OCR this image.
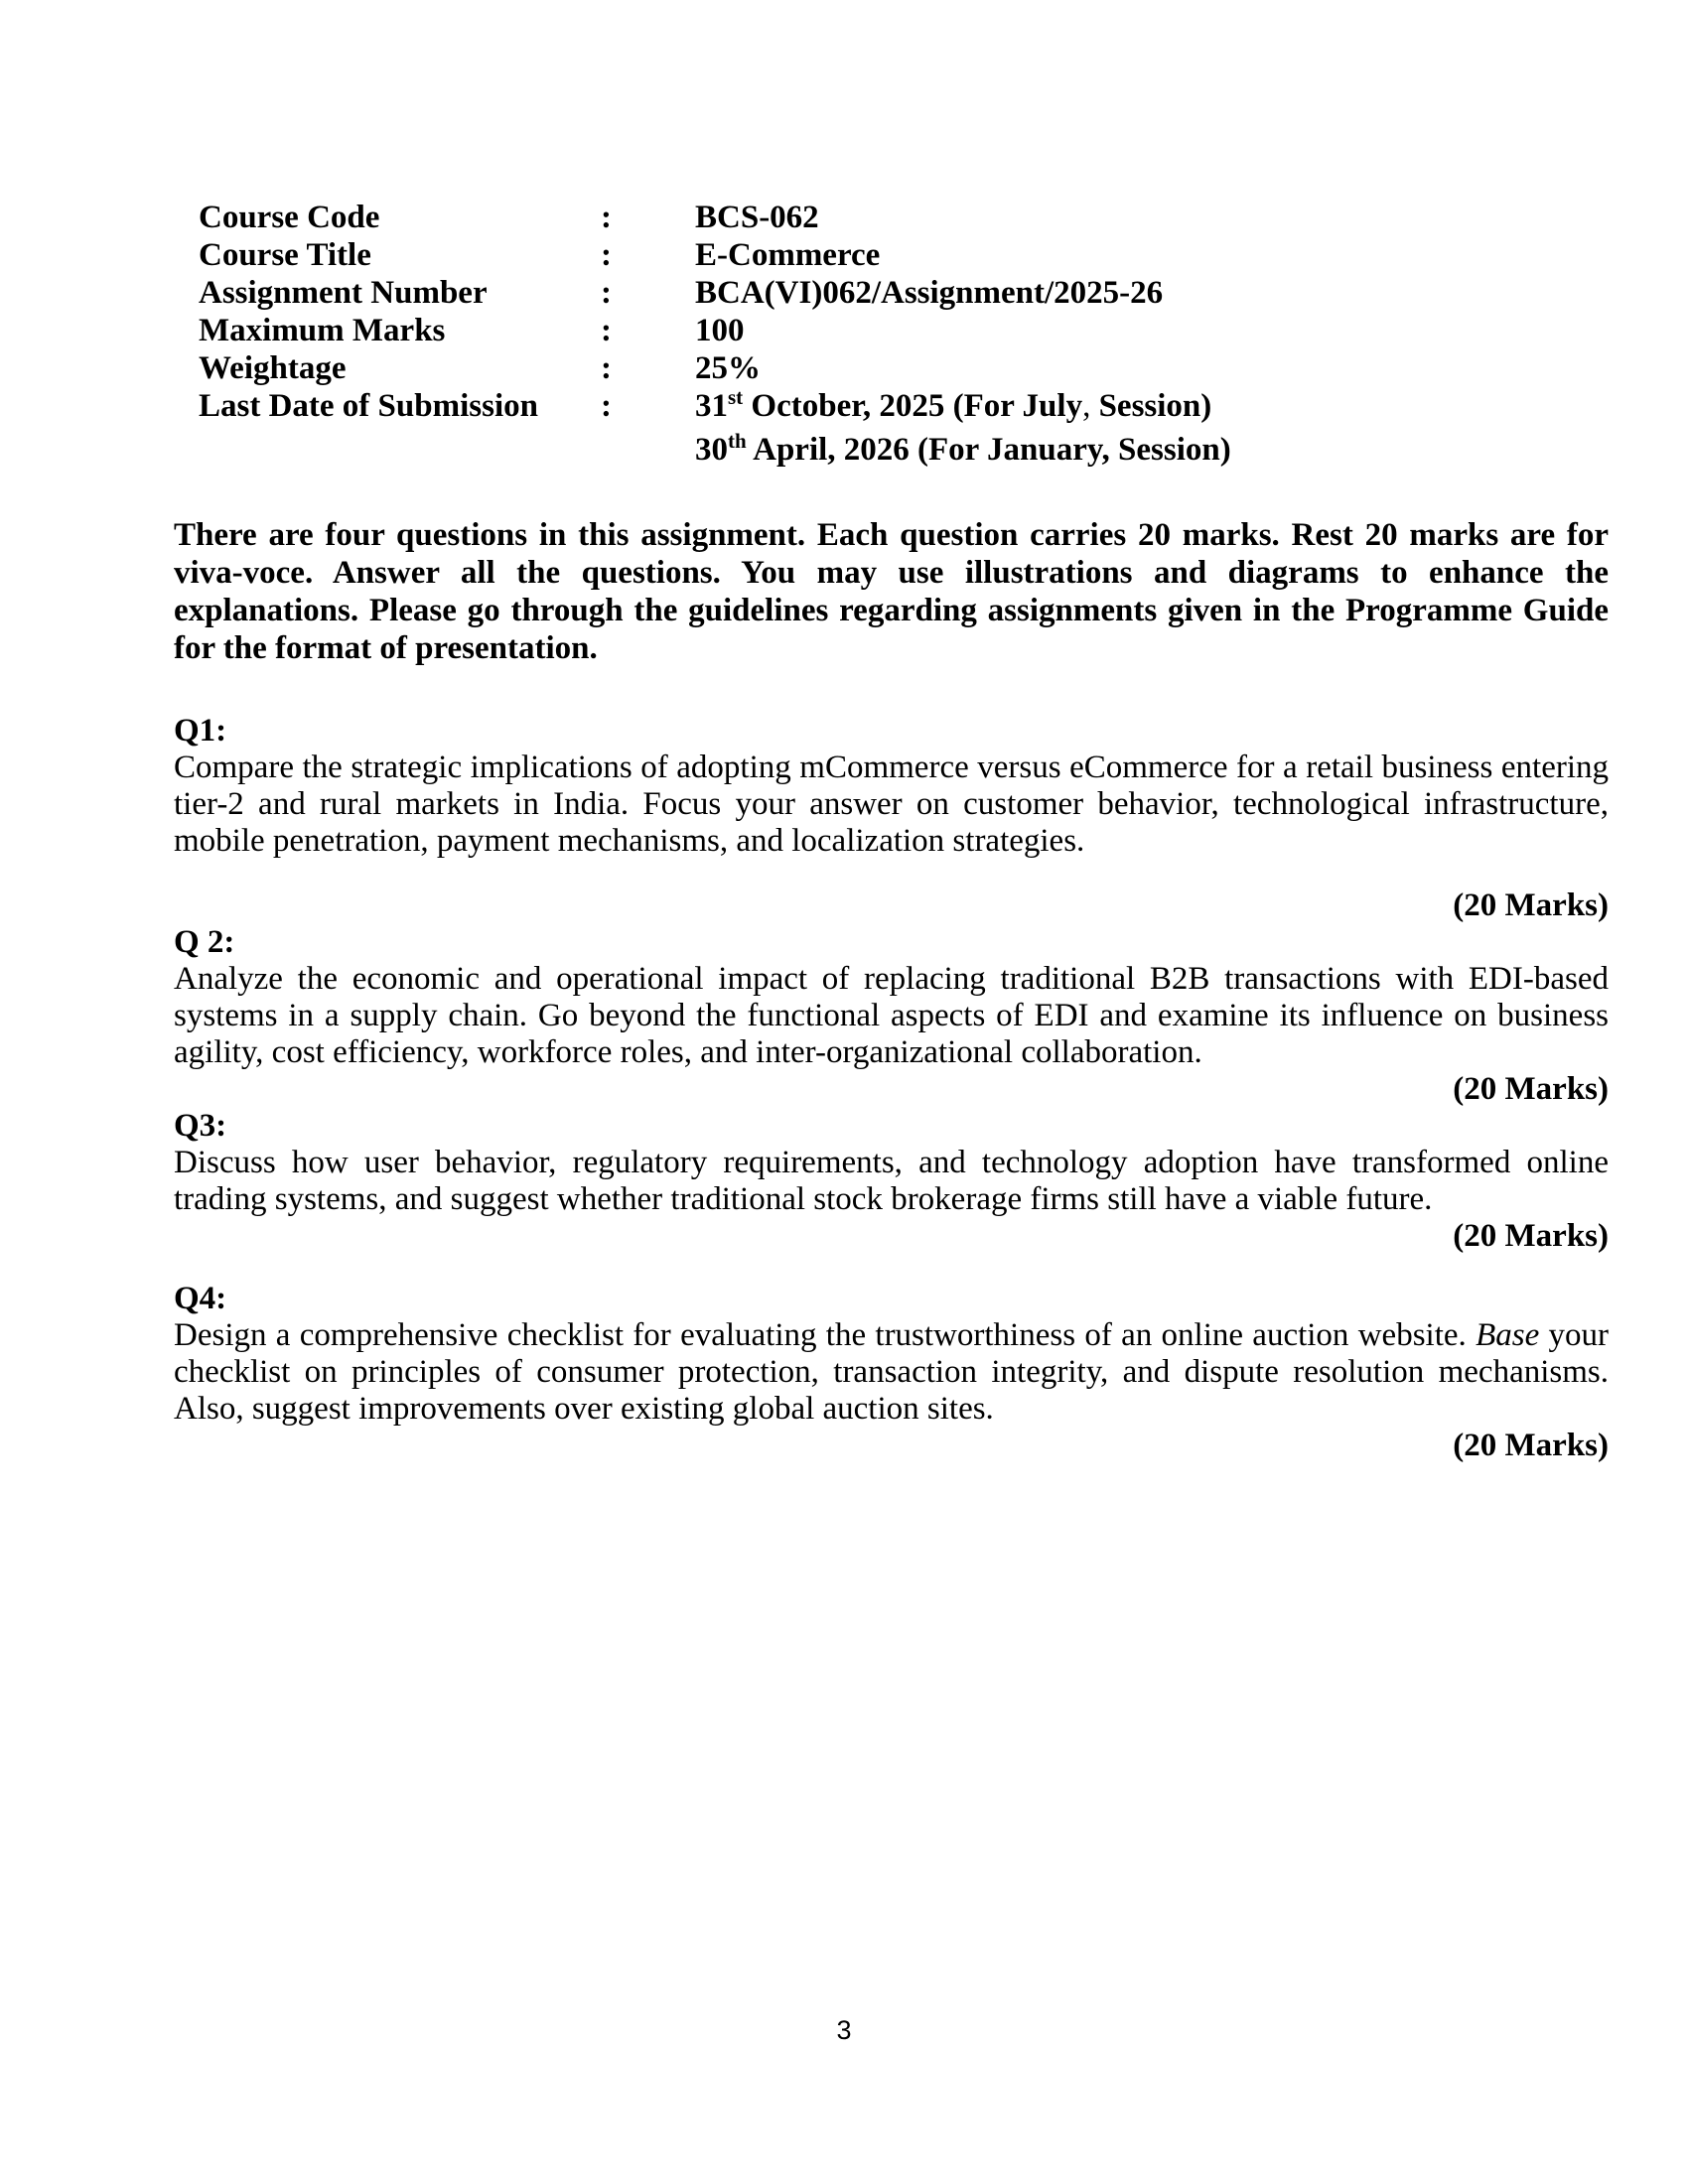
Course Code	:	BCS-062
Course Title	:	E-Commerce
Assignment Number	:	BCA(VI)062/Assignment/2025-26
Maximum Marks	:	100
Weightage	:	25%
Last Date of Submission	:	31st October, 2025 (For July, Session)
30th April, 2026 (For January, Session)

There are four questions in this assignment. Each question carries 20 marks. Rest 20 marks are for viva-voce. Answer all the questions. You may use illustrations and diagrams to enhance the explanations. Please go through the guidelines regarding assignments given in the Programme Guide for the format of presentation.

Q1:

Compare the strategic implications of adopting mCommerce versus eCommerce for a retail business entering tier-2 and rural markets in India. Focus your answer on customer behavior, technological infrastructure, mobile penetration, payment mechanisms, and localization strategies.

(20 Marks)
Q 2:

Analyze the economic and operational impact of replacing traditional B2B transactions with EDI-based systems in a supply chain. Go beyond the functional aspects of EDI and examine its influence on business agility, cost efficiency, workforce roles, and inter-organizational collaboration.

(20 Marks)
Q3:

Discuss how user behavior, regulatory requirements, and technology adoption have transformed online trading systems, and suggest whether traditional stock brokerage firms still have a viable future.

(20 Marks)
Q4:

Design a comprehensive checklist for evaluating the trustworthiness of an online auction website. Base your checklist on principles of consumer protection, transaction integrity, and dispute resolution mechanisms. Also, suggest improvements over existing global auction sites.

(20 Marks)
3
